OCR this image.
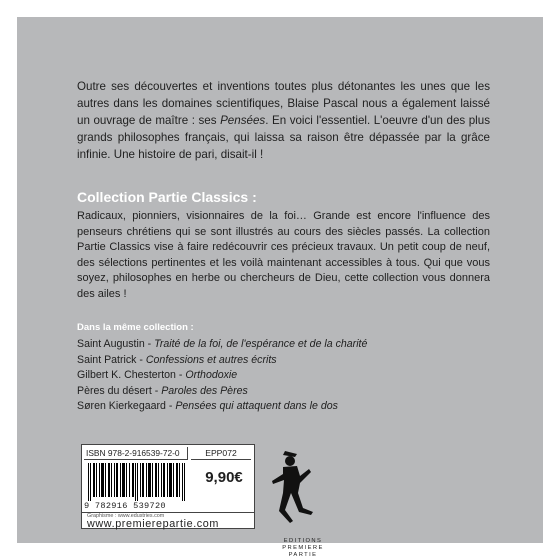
Outre ses découvertes et inventions toutes plus détonantes les unes que les autres dans les domaines scientifiques, Blaise Pascal nous a également laissé un ouvrage de maître : ses Pensées. En voici l'essentiel. L'oeuvre d'un des plus grands philosophes français, qui laissa sa raison être dépassée par la grâce infinie. Une histoire de pari, disait-il !

Collection Partie Classics :

Radicaux, pionniers, visionnaires de la foi… Grande est encore l'influence des penseurs chrétiens qui se sont illustrés au cours des siècles passés. La collection Partie Classics vise à faire redécouvrir ces précieux travaux. Un petit coup de neuf, des sélections pertinentes et les voilà maintenant accessibles à tous. Qui que vous soyez, philosophes en herbe ou chercheurs de Dieu, cette collection vous donnera des ailes !

Dans la même collection :
Saint Augustin - Traité de la foi, de l'espérance et de la charité
Saint Patrick - Confessions et autres écrits
Gilbert K. Chesterton - Orthodoxie
Pères du désert - Paroles des Pères
Søren Kierkegaard - Pensées qui attaquent dans le dos
ISBN 978-2-916539-72-0	EPP072
9 782916 539720
9,90€
Graphisme : www.edustries.com
www.premierepartie.com
EDITIONS
PREMIERE
PARTIE
